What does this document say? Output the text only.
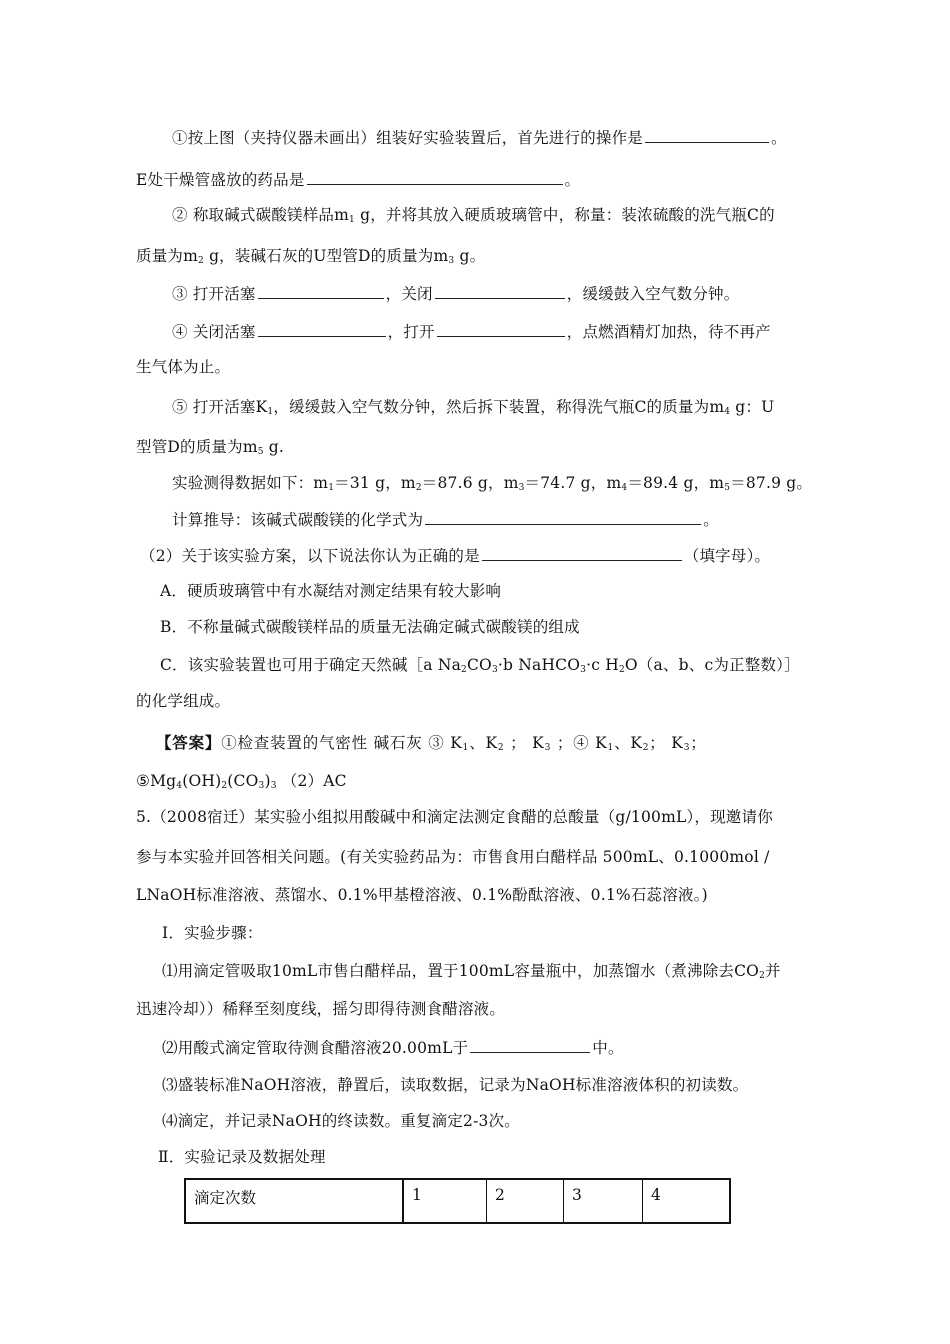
①按上图（夹持仪器未画出）组装好实验装置后，首先进行的操作是	。
E处干燥管盛放的药品是	。
② 称取碱式碳酸镁样品$m_1$ g，并将其放入硬质玻璃管中，称量：装浓硫酸的洗气瓶C的
质量为$m_2$ g，装碱石灰的U型管D的质量为$m_3$ g。
③ 打开活塞	，关闭	，缓缓鼓入空气数分钟。
④ 关闭活塞	，打开	，点燃酒精灯加热，待不再产
生气体为止。
⑤ 打开活塞$K_1$，缓缓鼓入空气数分钟，然后拆下装置，称得洗气瓶C的质量为$m_4$ g：U
型管D的质量为$m_5$ g.
实验测得数据如下：$m_1=31$ g，$m_2=87.6$ g，$m_3=74.7$ g，$m_4=89.4$ g，$m_5=87.9$ g。
计算推导：该碱式碳酸镁的化学式为	。
（2）关于该实验方案，以下说法你认为正确的是	（填字母）。
A．硬质玻璃管中有水凝结对测定结果有较大影响
B．不称量碱式碳酸镁样品的质量无法确定碱式碳酸镁的组成
C．该实验装置也可用于确定天然碱［a $Na_2CO_3\cdot b$ NaHCO$_3$·c $H_2O(a$、b、c为正整数）］
的化学组成。
【答案】①检查装置的气密性 碱石灰 ③ $K_1$、$K_2$ ； $K_3$ ；④ $K_1$、$K_2$； $K_3$；
$⑤Mg_4(OH)_2(CO_3)_3$ （2）AC
5.（2008宿迁）某实验小组拟用酸碱中和滴定法测定食醋的总酸量（g/100mL），现邀请你
参与本实验并回答相关问题。(有关实验药品为：市售食用白醋样品 500mL、0.1000mol /
LNaOH标准溶液、蒸馏水、0.1%甲基橙溶液、0.1%酚酞溶液、0.1%石蕊溶液。)
Ⅰ．实验步骤：
⑴用滴定管吸取10mL市售白醋样品，置于100mL容量瓶中，加蒸馏水（煮沸除去$CO_2$并
迅速冷却））稀释至刻度线，摇匀即得待测食醋溶液。
⑵用酸式滴定管取待测食醋溶液20.00mL于	中。
⑶盛装标准NaOH溶液，静置后，读取数据，记录为NaOH标准溶液体积的初读数。
⑷滴定，并记录NaOH的终读数。重复滴定2-3次。
Ⅱ．实验记录及数据处理
滴定次数	1	2	3	4
